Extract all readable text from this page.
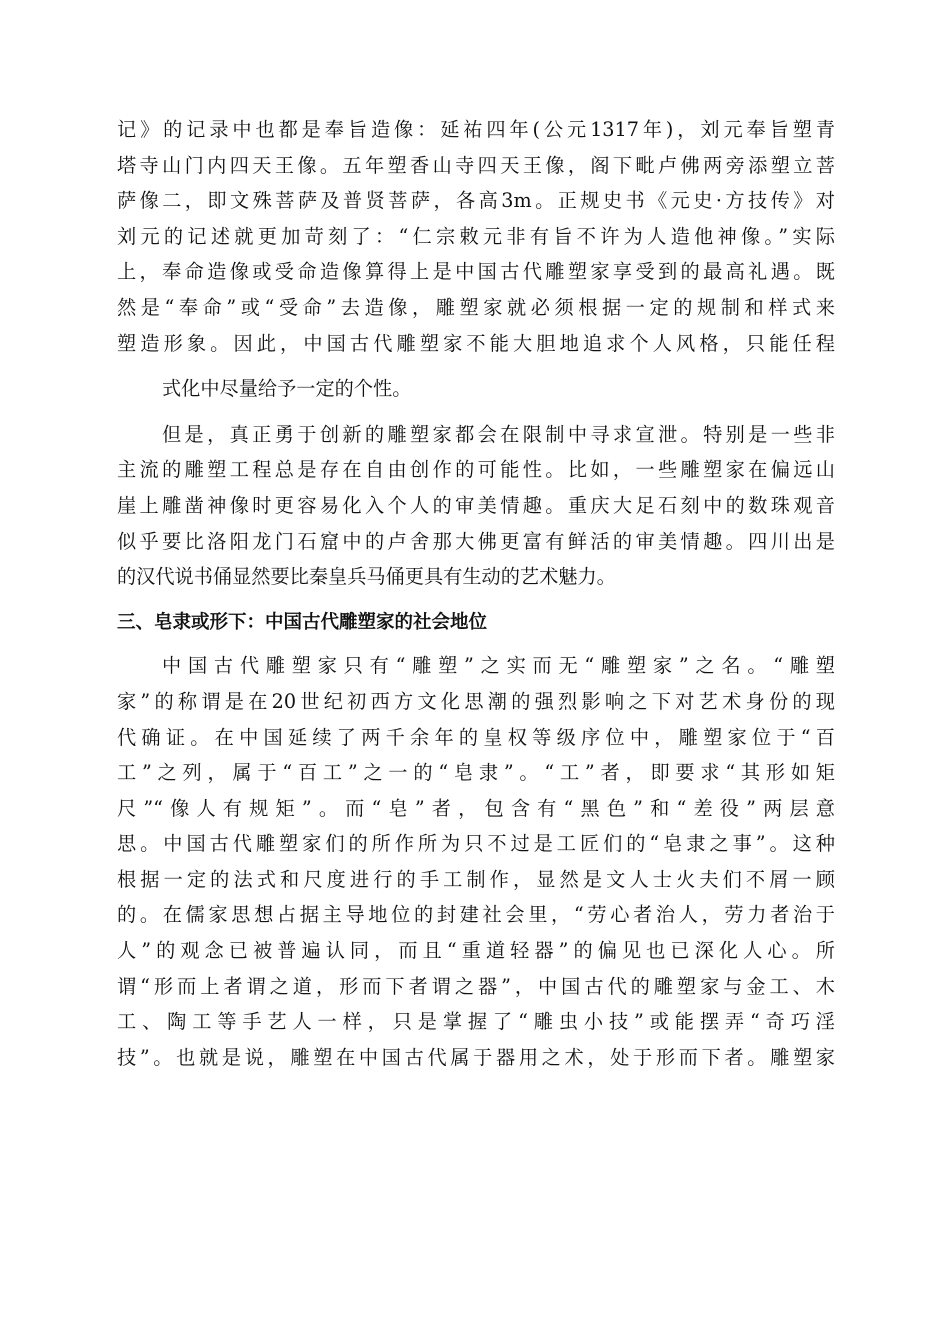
记》的记录中也都是奉旨造像：延祐四年(公元1317年)，刘元奉旨塑青
塔寺山门内四天王像。五年塑香山寺四天王像，阁下毗卢佛两旁添塑立菩
萨像二，即文殊菩萨及普贤菩萨，各高3m。正规史书《元史·方技传》对
刘元的记述就更加苛刻了：“仁宗敕元非有旨不许为人造他神像。”实际
上，奉命造像或受命造像算得上是中国古代雕塑家享受到的最高礼遇。既
然是“奉命”或“受命”去造像，雕塑家就必须根据一定的规制和样式来
塑造形象。因此，中国古代雕塑家不能大胆地追求个人风格，只能任程
式化中尽量给予一定的个性。
但是，真正勇于创新的雕塑家都会在限制中寻求宣泄。特别是一些非
主流的雕塑工程总是存在自由创作的可能性。比如，一些雕塑家在偏远山
崖上雕凿神像时更容易化入个人的审美情趣。重庆大足石刻中的数珠观音
似乎要比洛阳龙门石窟中的卢舍那大佛更富有鲜活的审美情趣。四川出是
的汉代说书俑显然要比秦皇兵马俑更具有生动的艺术魅力。
三、皂隶或形下：中国古代雕塑家的社会地位
中国古代雕塑家只有“雕塑”之实而无“雕塑家”之名。“雕塑
家”的称谓是在20世纪初西方文化思潮的强烈影响之下对艺术身份的现
代确证。在中国延续了两千余年的皇权等级序位中，雕塑家位于“百
工”之列，属于“百工”之一的“皂隶”。“工”者，即要求“其形如矩
尺”“像人有规矩”。而“皂”者，包含有“黑色”和“差役”两层意
思。中国古代雕塑家们的所作所为只不过是工匠们的“皂隶之事”。这种
根据一定的法式和尺度进行的手工制作，显然是文人士火夫们不屑一顾
的。在儒家思想占据主导地位的封建社会里，“劳心者治人，劳力者治于
人”的观念已被普遍认同，而且“重道轻器”的偏见也已深化人心。所
谓“形而上者谓之道，形而下者谓之器”，中国古代的雕塑家与金工、木
工、陶工等手艺人一样，只是掌握了“雕虫小技”或能摆弄“奇巧淫
技”。也就是说，雕塑在中国古代属于器用之术，处于形而下者。雕塑家
